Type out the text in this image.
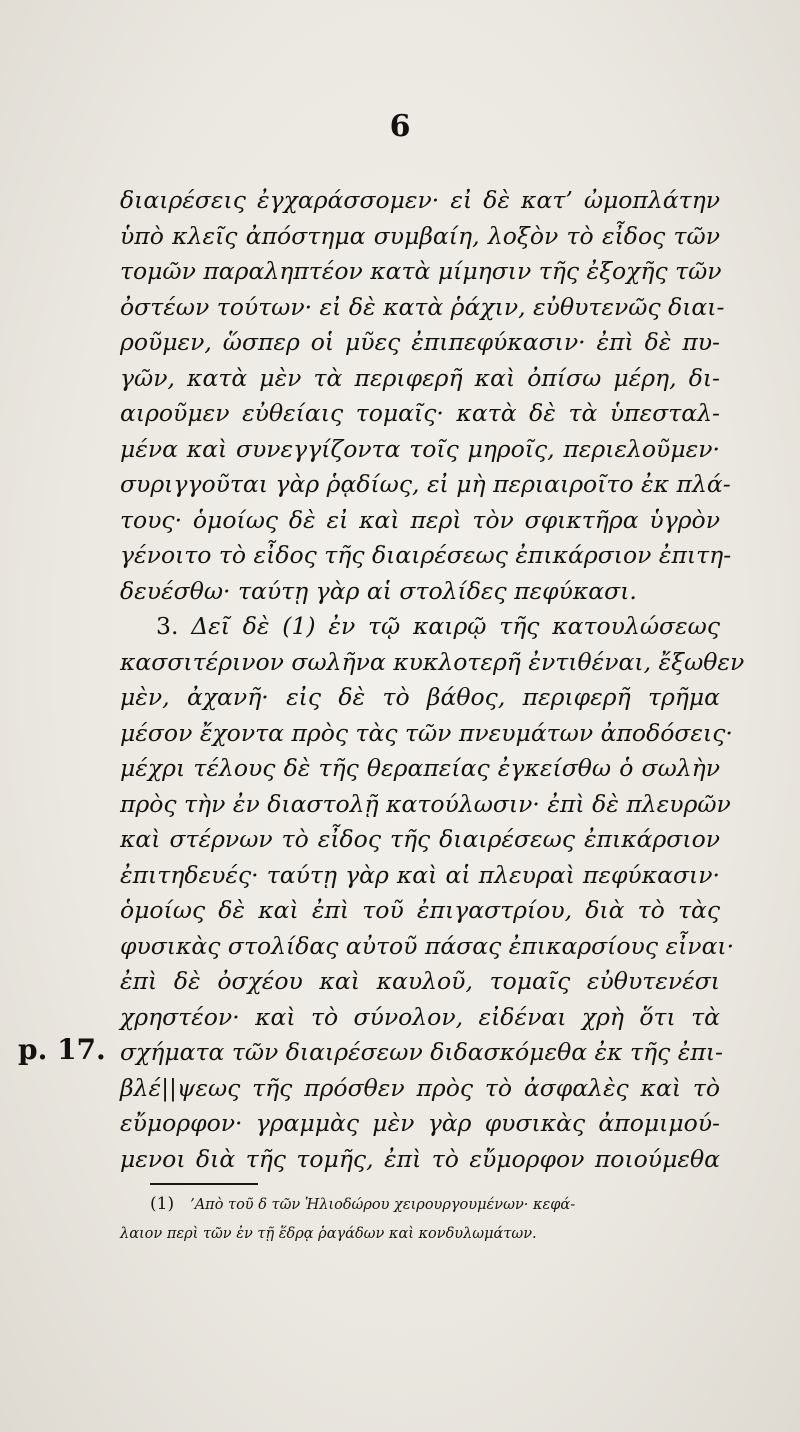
6
p. 17.
διαιρέσεις ἐγχαράσσομεν· εἰ δὲ κατ’ ὠμοπλάτην
ὑπὸ κλεῖς ἀπόστημα συμβαίη, λοξὸν τὸ εἶδος τῶν
τομῶν παραληπτέον κατὰ μίμησιν τῆς ἐξοχῆς τῶν
ὀστέων τούτων· εἰ δὲ κατὰ ῥάχιν, εὐθυτενῶς διαι-
ροῦμεν, ὥσπερ οἱ μῦες ἐπιπεφύκασιν· ἐπὶ δὲ πυ-
γῶν, κατὰ μὲν τὰ περιφερῆ καὶ ὀπίσω μέρη, δι-
αιροῦμεν εὐθείαις τομαῖς· κατὰ δὲ τὰ ὑπεσταλ-
μένα καὶ συνεγγίζοντα τοῖς μηροῖς, περιελοῦμεν·
συριγγοῦται γὰρ ῥᾳδίως, εἰ μὴ περιαιροῖτο ἐκ πλά-
τους· ὁμοίως δὲ εἰ καὶ περὶ τὸν σφικτῆρα ὑγρὸν
γένοιτο τὸ εἶδος τῆς διαιρέσεως ἐπικάρσιον ἐπιτη-
δευέσθω· ταύτῃ γὰρ αἱ στολίδες πεφύκασι.
3. Δεῖ δὲ (1) ἐν τῷ καιρῷ τῆς κατουλώσεως
κασσιτέρινον σωλῆνα κυκλοτερῆ ἐντιθέναι, ἔξωθεν
μὲν, ἀχανῆ· εἰς δὲ τὸ βάθος, περιφερῆ τρῆμα
μέσον ἔχοντα πρὸς τὰς τῶν πνευμάτων ἀποδόσεις·
μέχρι τέλους δὲ τῆς θεραπείας ἐγκείσθω ὁ σωλὴν
πρὸς τὴν ἐν διαστολῇ κατούλωσιν· ἐπὶ δὲ πλευρῶν
καὶ στέρνων τὸ εἶδος τῆς διαιρέσεως ἐπικάρσιον
ἐπιτηδευές· ταύτῃ γὰρ καὶ αἱ πλευραὶ πεφύκασιν·
ὁμοίως δὲ καὶ ἐπὶ τοῦ ἐπιγαστρίου, διὰ τὸ τὰς
φυσικὰς στολίδας αὐτοῦ πάσας ἐπικαρσίους εἶναι·
ἐπὶ δὲ ὀσχέου καὶ καυλοῦ, τομαῖς εὐθυτενέσι
χρηστέον· καὶ τὸ σύνολον, εἰδέναι χρὴ ὅτι τὰ
σχήματα τῶν διαιρέσεων διδασκόμεθα ἐκ τῆς ἐπι-
βλέ||ψεως τῆς πρόσθεν πρὸς τὸ ἀσφαλὲς καὶ τὸ
εὔμορφον· γραμμὰς μὲν γὰρ φυσικὰς ἀπομιμού-
μενοι διὰ τῆς τομῆς, ἐπὶ τὸ εὔμορφον ποιούμεθα
(1) ’Απὸ τοῦ δ τῶν Ἡλιοδώρου χειρουργουμένων· κεφά-
λαιον περὶ τῶν ἐν τῇ ἕδρᾳ ῥαγάδων καὶ κονδυλωμάτων.
